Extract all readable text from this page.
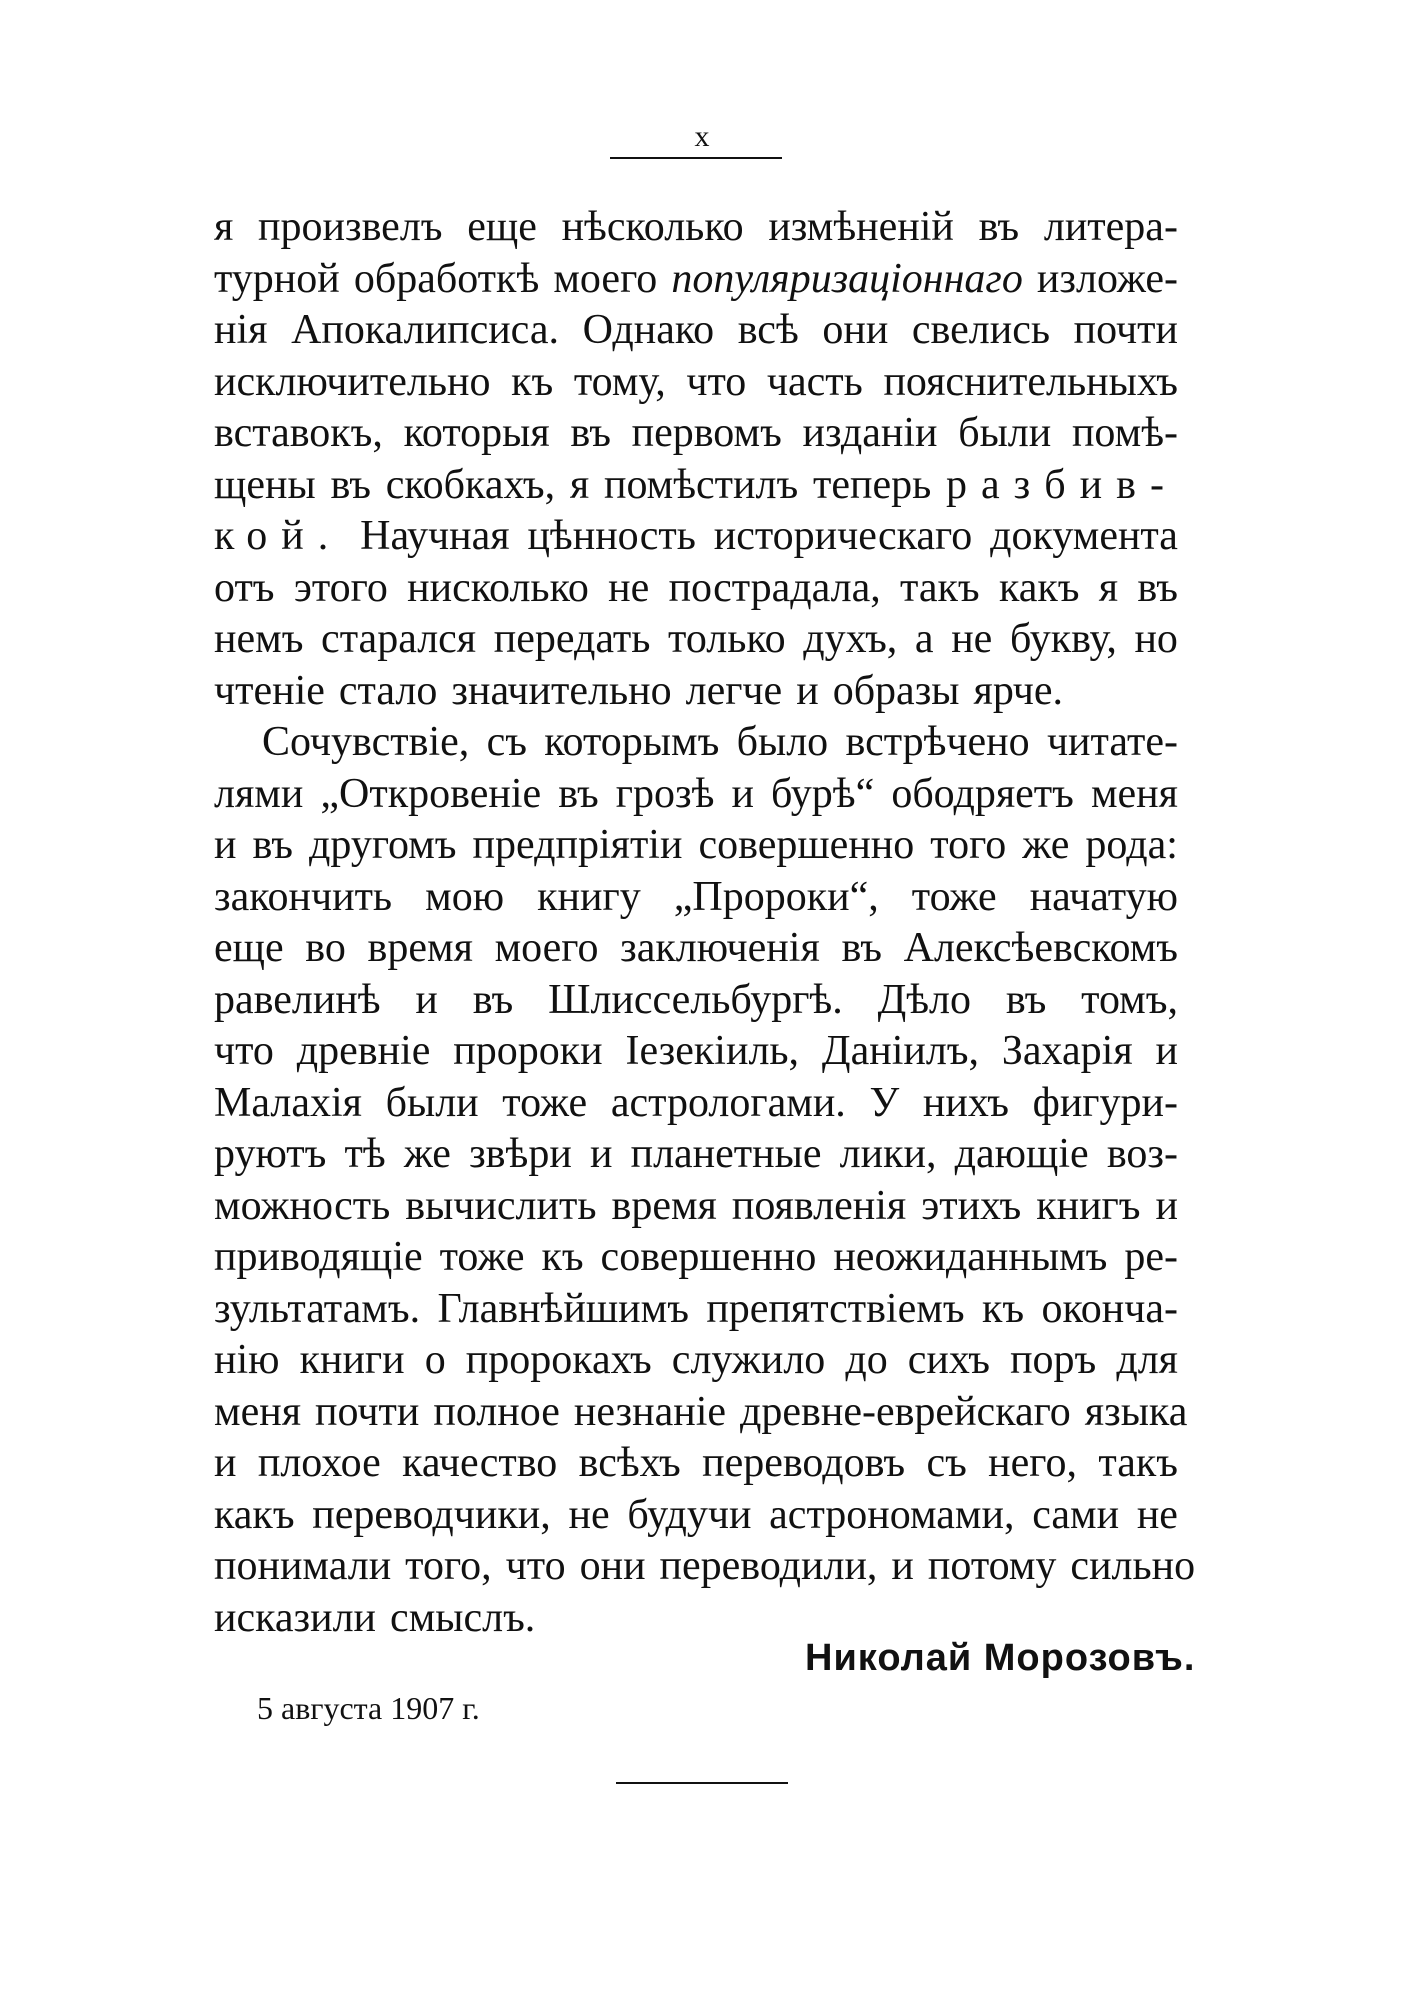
x
я произвелъ еще нѣсколько измѣненій въ литера-
турной обработкѣ моего популяризаціоннаго изложе-
нія Апокалипсиса. Однако всѣ они свелись почти
исключительно къ тому, что часть пояснительныхъ
вставокъ, которыя въ первомъ изданіи были помѣ-
щены въ скобкахъ, я помѣстилъ теперь разбив-
кой. Научная цѣнность историческаго документа
отъ этого нисколько не пострадала, такъ какъ я въ
немъ старался передать только духъ, а не букву, но
чтеніе стало значительно легче и образы ярче.
Сочувствіе, съ которымъ было встрѣчено читате-
лями „Откровеніе въ грозѣ и бурѣ“ ободряетъ меня
и въ другомъ предпріятіи совершенно того же рода:
закончить мою книгу „Пророки“, тоже начатую
еще во время моего заключенія въ Алексѣевскомъ
равелинѣ и въ Шлиссельбургѣ. Дѣло въ томъ,
что древніе пророки Іезекіиль, Даніилъ, Захарія и
Малахія были тоже астрологами. У нихъ фигури-
руютъ тѣ же звѣри и планетные лики, дающіе воз-
можность вычислить время появленія этихъ книгъ и
приводящіе тоже къ совершенно неожиданнымъ ре-
зультатамъ. Главнѣйшимъ препятствіемъ къ оконча-
нію книги о пророкахъ служило до сихъ поръ для
меня почти полное незнаніе древне-еврейскаго языка
и плохое качество всѣхъ переводовъ съ него, такъ
какъ переводчики, не будучи астрономами, сами не
понимали того, что они переводили, и потому сильно
исказили смыслъ.
Николай Морозовъ.
5 августа 1907 г.
